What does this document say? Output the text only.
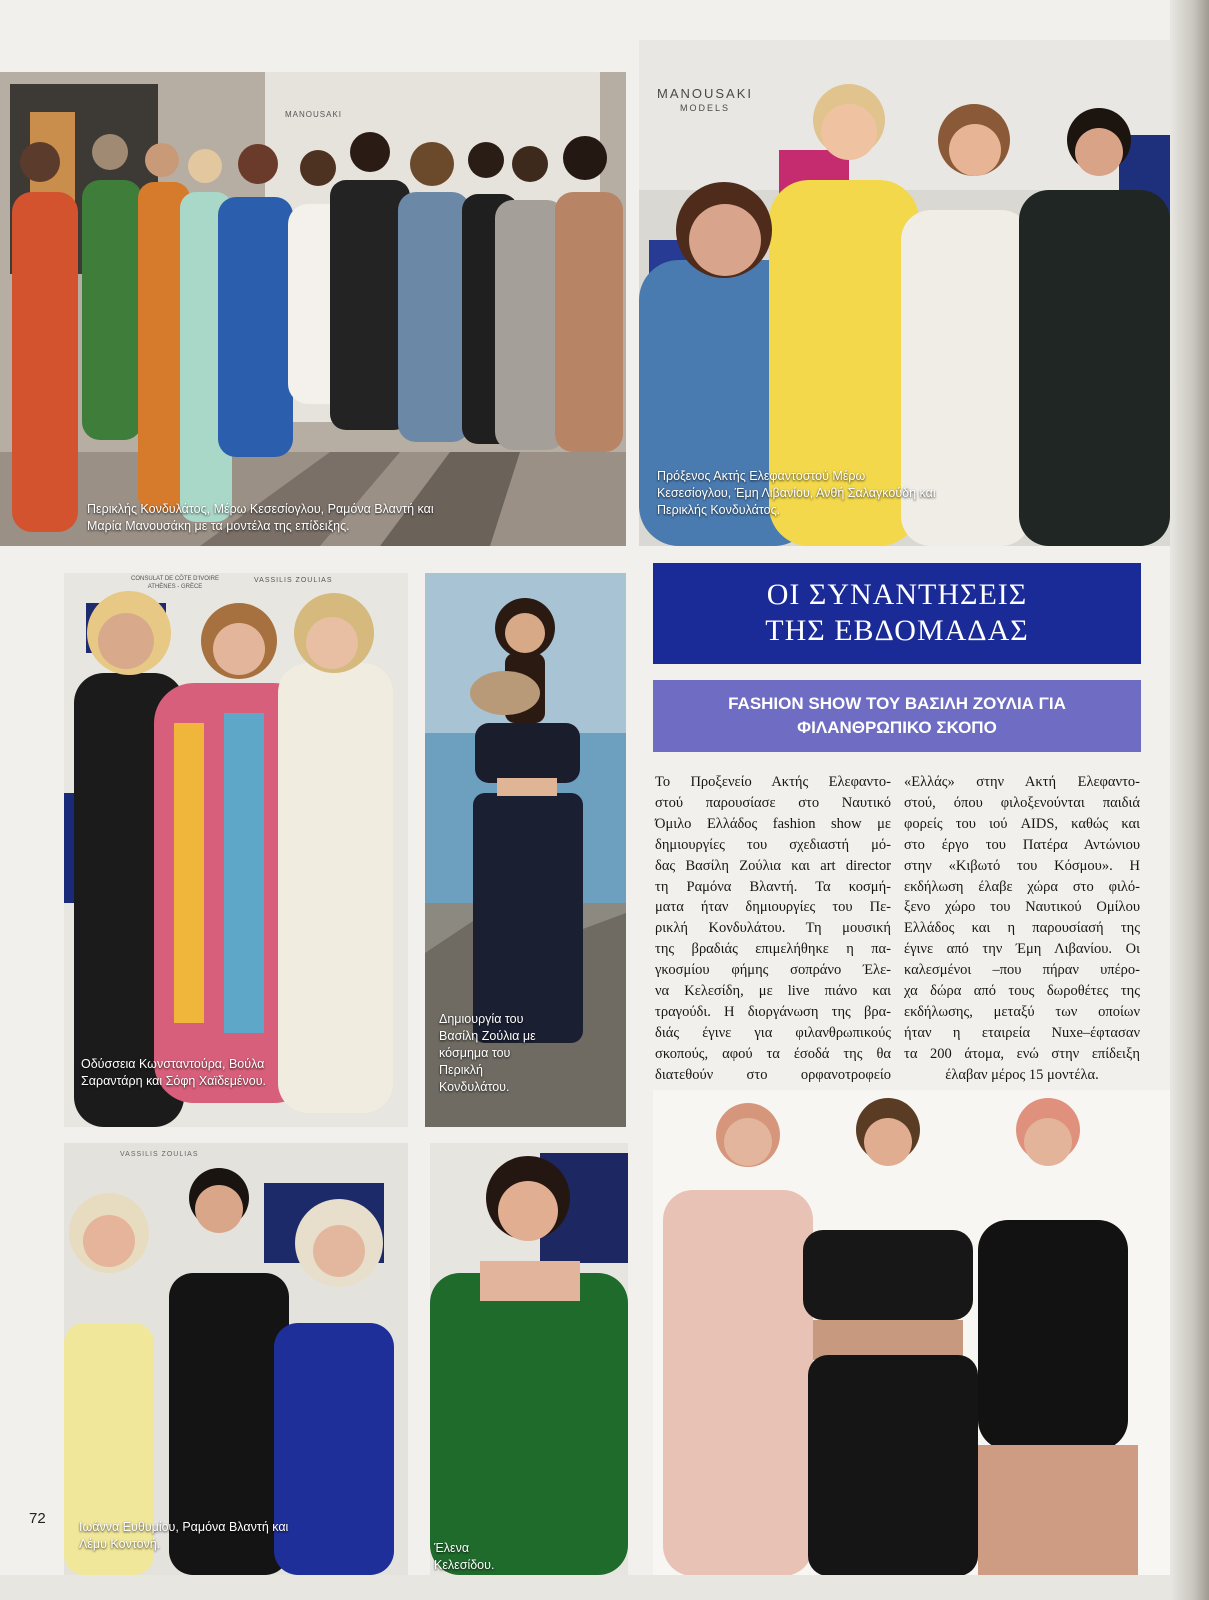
MANOUSAKI
Περικλής Κονδυλάτος, Μέρω Κεσεσίογλου, Ραμόνα Βλαντή και
Μαρία Μανουσάκη με τα μοντέλα της επίδειξης.
MANOUSAKI
MODELS
Πρόξενος Ακτής Ελεφαντοστού Μέρω
Κεσεσίογλου, Έμη Λιβανίου, Ανθή Σαλαγκούδη και
Περικλής Κονδυλάτος.
CONSULAT DE CÔTE D'IVOIRE
ATHÈNES - GRÈCE
VASSILIS ZOULIAS
Οδύσσεια Κωνσταντούρα, Βούλα
Σαραντάρη και Σόφη Χαϊδεμένου.
Δημιουργία του
Βασίλη Ζούλια με
κόσμημα του
Περικλή
Κονδυλάτου.
VASSILIS ZOULIAS
Ιωάννα Ευθυμίου, Ραμόνα Βλαντή και
Λέμυ Κοντονή.	Έλενα
Κελεσίδου.
ΟΙ ΣΥΝΑΝΤΗΣΕΙΣ
ΤΗΣ ΕΒΔΟΜΑΔΑΣ
FASHION SHOW ΤΟΥ ΒΑΣΙΛΗ ΖΟΥΛΙΑ ΓΙΑ
ΦΙΛΑΝΘΡΩΠΙΚΟ ΣΚΟΠΟ
Το Προξενείο Ακτής Ελεφαντο-
στού παρουσίασε στο Ναυτικό
Όμιλο Ελλάδος fashion show με
δημιουργίες του σχεδιαστή μό-
δας Βασίλη Ζούλια και art director
τη Ραμόνα Βλαντή. Τα κοσμή-
ματα ήταν δημιουργίες του Πε-
ρικλή Κονδυλάτου. Τη μουσική
της βραδιάς επιμελήθηκε η πα-
γκοσμίου φήμης σοπράνο Έλε-
να Κελεσίδη, με live πιάνο και
τραγούδι. Η διοργάνωση της βρα-
διάς έγινε για φιλανθρωπικούς
σκοπούς, αφού τα έσοδά της θα
διατεθούν στο ορφανοτροφείο
«Ελλάς» στην Ακτή Ελεφαντο-
στού, όπου φιλοξενούνται παιδιά
φορείς του ιού AIDS, καθώς και
στο έργο του Πατέρα Αντώνιου
στην «Κιβωτό του Κόσμου». Η
εκδήλωση έλαβε χώρα στο φιλό-
ξενο χώρο του Ναυτικού Ομίλου
Ελλάδος και η παρουσίασή της
έγινε από την Έμη Λιβανίου. Οι
καλεσμένοι –που πήραν υπέρο-
χα δώρα από τους δωροθέτες της
εκδήλωσης, μεταξύ των οποίων
ήταν η εταιρεία Nuxe–έφτασαν
τα 200 άτομα, ενώ στην επίδειξη
έλαβαν μέρος 15 μοντέλα.
72
